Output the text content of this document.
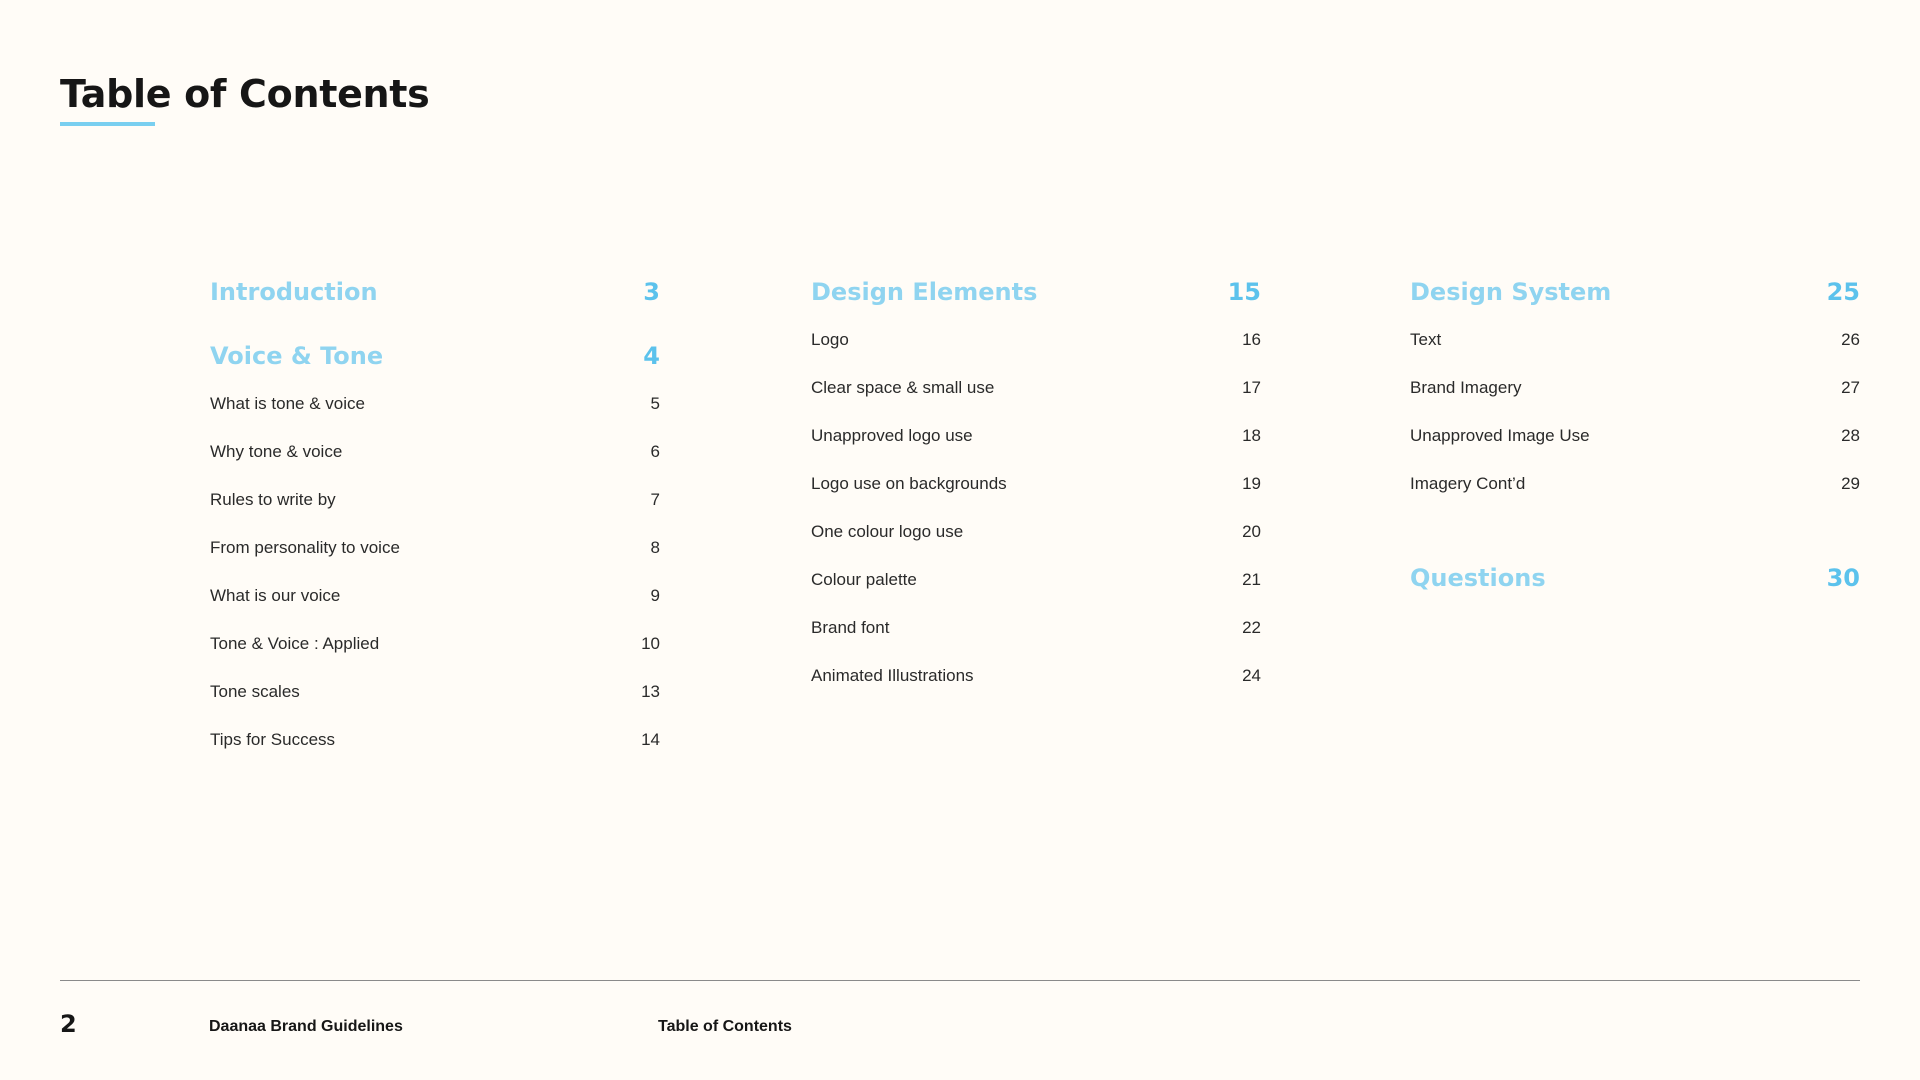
Table of Contents
Introduction	3
Voice & Tone	4
What is tone & voice	5
Why tone & voice	6
Rules to write by	7
From personality to voice	8
What is our voice	9
Tone & Voice : Applied	10
Tone scales	13
Tips for Success	14
Design Elements	15
Logo	16
Clear space & small use	17
Unapproved logo use	18
Logo use on backgrounds	19
One colour logo use	20
Colour palette	21
Brand font	22
Animated Illustrations	24
Design System	25
Text	26
Brand Imagery	27
Unapproved Image Use	28
Imagery Cont’d	29
Questions	30
2	Daanaa Brand Guidelines	Table of Contents
